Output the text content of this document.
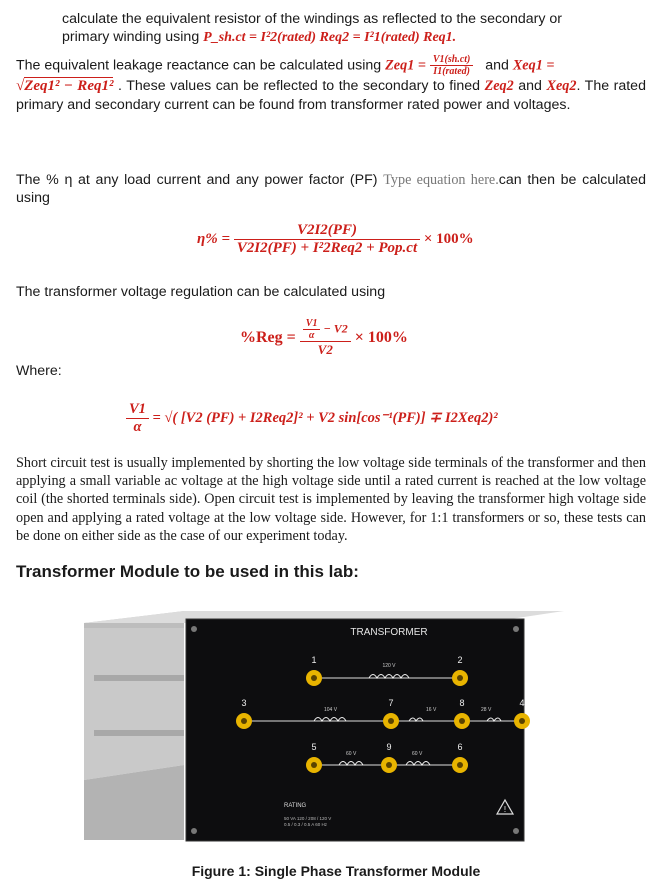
calculate the equivalent resistor of the windings as reflected to the secondary or
primary winding using P_sh.ct = I²2(rated) Req2 = I²1(rated) Req1.
The equivalent leakage reactance can be calculated using $Zeq1 = \frac{V1(sh.ct)}{\text{I1(rated)}}$ and Xeq1 =
√Zeq1² − Req1² . These values can be reflected to the secondary to fined Zeq2 and Xeq2. The rated primary and secondary current can be found from transformer rated power and voltages.
The % η at any load current and any power factor (PF) Type equation here.can then be calculated using
$\eta\% = \frac{V2I2(PF)}{\text{V2I2(PF) + I²2Req2 + Pop.ct}} \times 100\%$
The transformer voltage regulation can be calculated using
$\%Reg = \frac{\frac{V1}{\alpha} - V2}{V2} \times 100\%$
Where:
$\frac{V1}{\alpha}$ = √( [V2 (PF) + I2Req2]² + V2 sin[cos⁻¹(PF)] ∓ I2Xeq2)²
Short circuit test is usually implemented by shorting the low voltage side terminals of the transformer and then applying a small variable ac voltage at the high voltage side until a rated current is reached at the low voltage coil (the shorted terminals side). Open circuit test is implemented by leaving the transformer high voltage side open and applying a rated voltage at the low voltage side. However, for 1:1 transformers or so, these tests can be done on either side as the case of our experiment today.
Transformer Module to be used in this lab:
TRANSFORMER
120 V
104 V	16 V	28 V
60 V	60 V
1	2
3	4
5	6
7	8
9
RATING
50 VA 120 / 208 / 120 V
0.5 / 0.3 / 0.5 A 60 Hz
!
Figure 1: Single Phase Transformer Module
